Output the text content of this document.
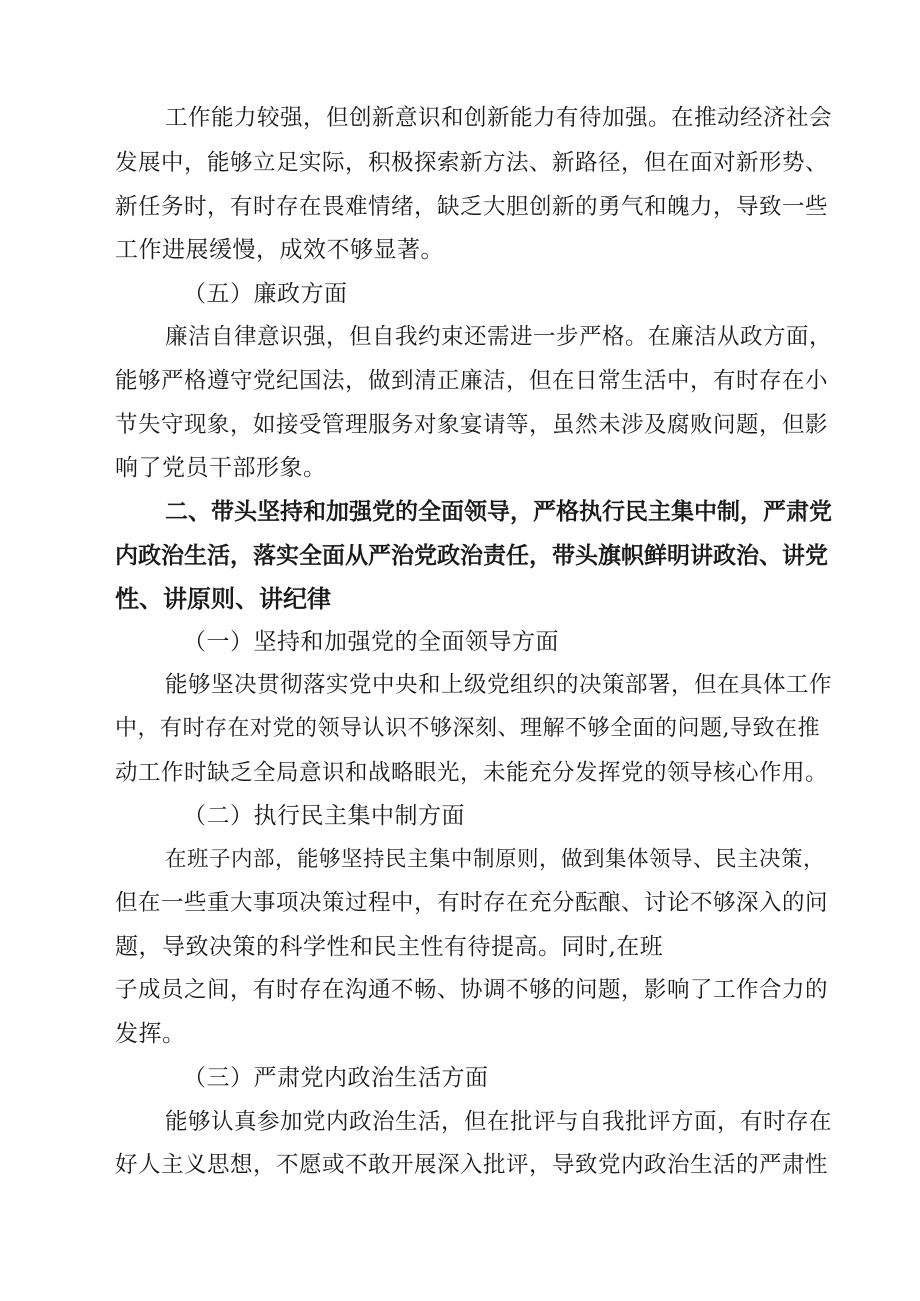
工作能力较强，但创新意识和创新能力有待加强。在推动经济社会
发展中，能够立足实际，积极探索新方法、新路径，但在面对新形势、
新任务时，有时存在畏难情绪，缺乏大胆创新的勇气和魄力，导致一些
工作进展缓慢，成效不够显著。
（五）廉政方面
廉洁自律意识强，但自我约束还需进一步严格。在廉洁从政方面，
能够严格遵守党纪国法，做到清正廉洁，但在日常生活中，有时存在小
节失守现象，如接受管理服务对象宴请等，虽然未涉及腐败问题，但影
响了党员干部形象。
二、带头坚持和加强党的全面领导，严格执行民主集中制，严肃党
内政治生活，落实全面从严治党政治责任，带头旗帜鲜明讲政治、讲党
性、讲原则、讲纪律
（一）坚持和加强党的全面领导方面
能够坚决贯彻落实党中央和上级党组织的决策部署，但在具体工作
中，有时存在对党的领导认识不够深刻、理解不够全面的问题,导致在推
动工作时缺乏全局意识和战略眼光，未能充分发挥党的领导核心作用。
（二）执行民主集中制方面
在班子内部，能够坚持民主集中制原则，做到集体领导、民主决策，
但在一些重大事项决策过程中，有时存在充分酝酿、讨论不够深入的问
题，导致决策的科学性和民主性有待提高。同时,在班
子成员之间，有时存在沟通不畅、协调不够的问题，影响了工作合力的
发挥。
（三）严肃党内政治生活方面
能够认真参加党内政治生活，但在批评与自我批评方面，有时存在
好人主义思想，不愿或不敢开展深入批评，导致党内政治生活的严肃性
